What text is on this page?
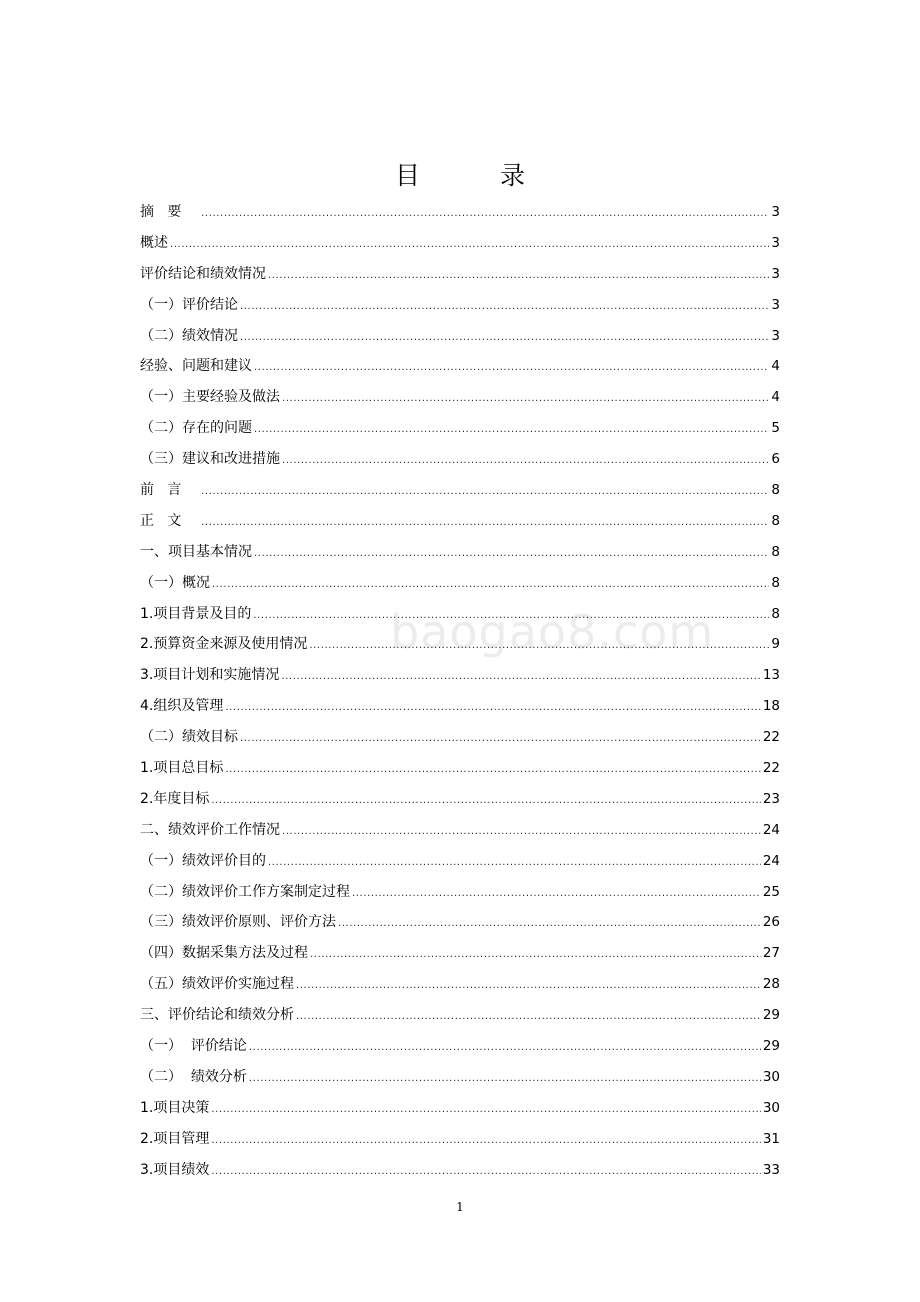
目 录
baogao8.com
摘   要 .....	3
概述 .....	3
评价结论和绩效情况 .....	3
（一）评价结论 .....	3
（二）绩效情况 .....	3
经验、问题和建议 .....	4
（一）主要经验及做法 .....	4
（二）存在的问题 .....	5
（三）建议和改进措施 .....	6
前   言 .....	8
正   文 .....	8
一、项目基本情况 .....	8
（一）概况 .....	8
1.项目背景及目的 .....	8
2.预算资金来源及使用情况 .....	9
3.项目计划和实施情况 .....	13
4.组织及管理 .....	18
（二）绩效目标 .....	22
1.项目总目标 .....	22
2.年度目标 .....	23
二、绩效评价工作情况 .....	24
（一）绩效评价目的 .....	24
（二）绩效评价工作方案制定过程 .....	25
（三）绩效评价原则、评价方法 .....	26
（四）数据采集方法及过程 .....	27
（五）绩效评价实施过程 .....	28
三、评价结论和绩效分析 .....	29
（一）  评价结论 .....	29
（二）  绩效分析 .....	30
1.项目决策 .....	30
2.项目管理 .....	31
3.项目绩效 .....	33
1
